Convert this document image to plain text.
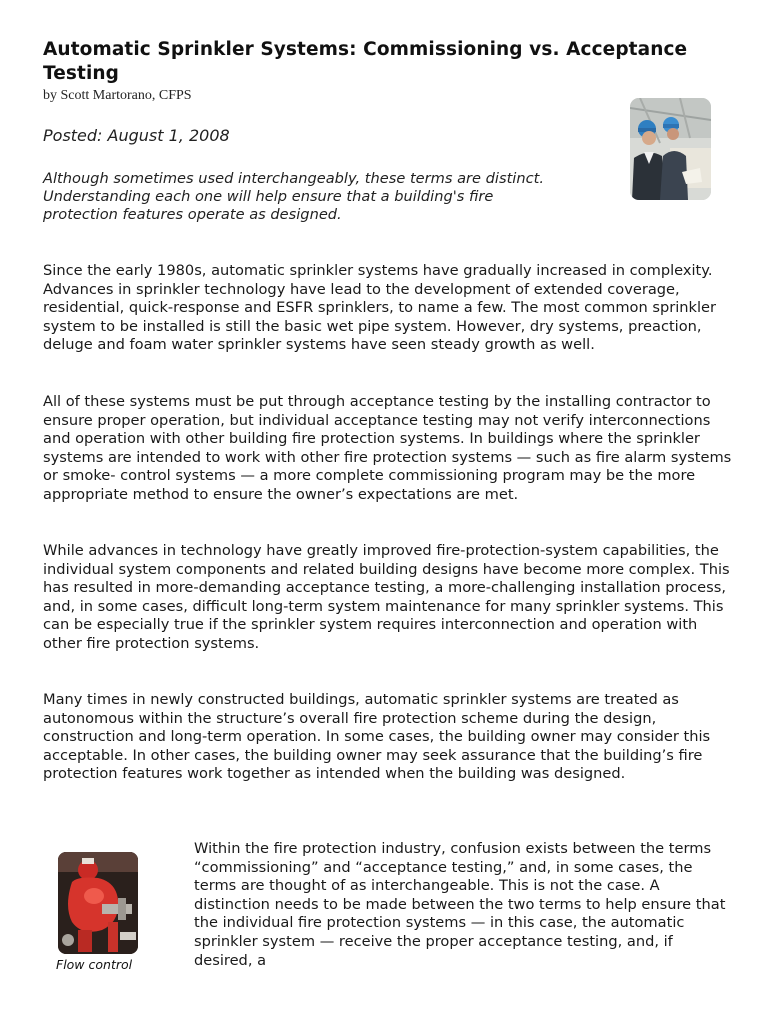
Automatic Sprinkler Systems: Commissioning vs. Acceptance Testing
by Scott Martorano, CFPS
Posted: August 1, 2008
Although sometimes used interchangeably, these terms are distinct. Understanding each one will help ensure that a building's fire protection features operate as designed.

Since the early 1980s, automatic sprinkler systems have gradually increased in complexity. Advances in sprinkler technology have lead to the development of extended coverage, residential, quick-response and ESFR sprinklers, to name a few. The most common sprinkler system to be installed is still the basic wet pipe system. However, dry systems, preaction, deluge and foam water sprinkler systems have seen steady growth as well.

All of these systems must be put through acceptance testing by the installing contractor to ensure proper operation, but individual acceptance testing may not verify interconnections and operation with other building fire protection systems. In buildings where the sprinkler systems are intended to work with other fire protection systems — such as fire alarm systems or smoke- control systems — a more complete commissioning program may be the more appropriate method to ensure the owner’s expectations are met.

While advances in technology have greatly improved fire-protection-system capabilities, the individual system components and related building designs have become more complex. This has resulted in more-demanding acceptance testing, a more-challenging installation process, and, in some cases, difficult long-term system maintenance for many sprinkler systems. This can be especially true if the sprinkler system requires interconnection and operation with other fire protection systems.

Many times in newly constructed buildings, automatic sprinkler systems are treated as autonomous within the structure’s overall fire protection scheme during the design, construction and long-term operation. In some cases, the building owner may consider this acceptable. In other cases, the building owner may seek assurance that the building’s fire protection features work together as intended when the building was designed.

Flow control

Within the fire protection industry, confusion exists between the terms “commissioning” and “acceptance testing,” and, in some cases, the terms are thought of as interchangeable. This is not the case. A distinction needs to be made between the two terms to help ensure that the individual fire protection systems — in this case, the automatic sprinkler system — receive the proper acceptance testing, and, if desired, a
